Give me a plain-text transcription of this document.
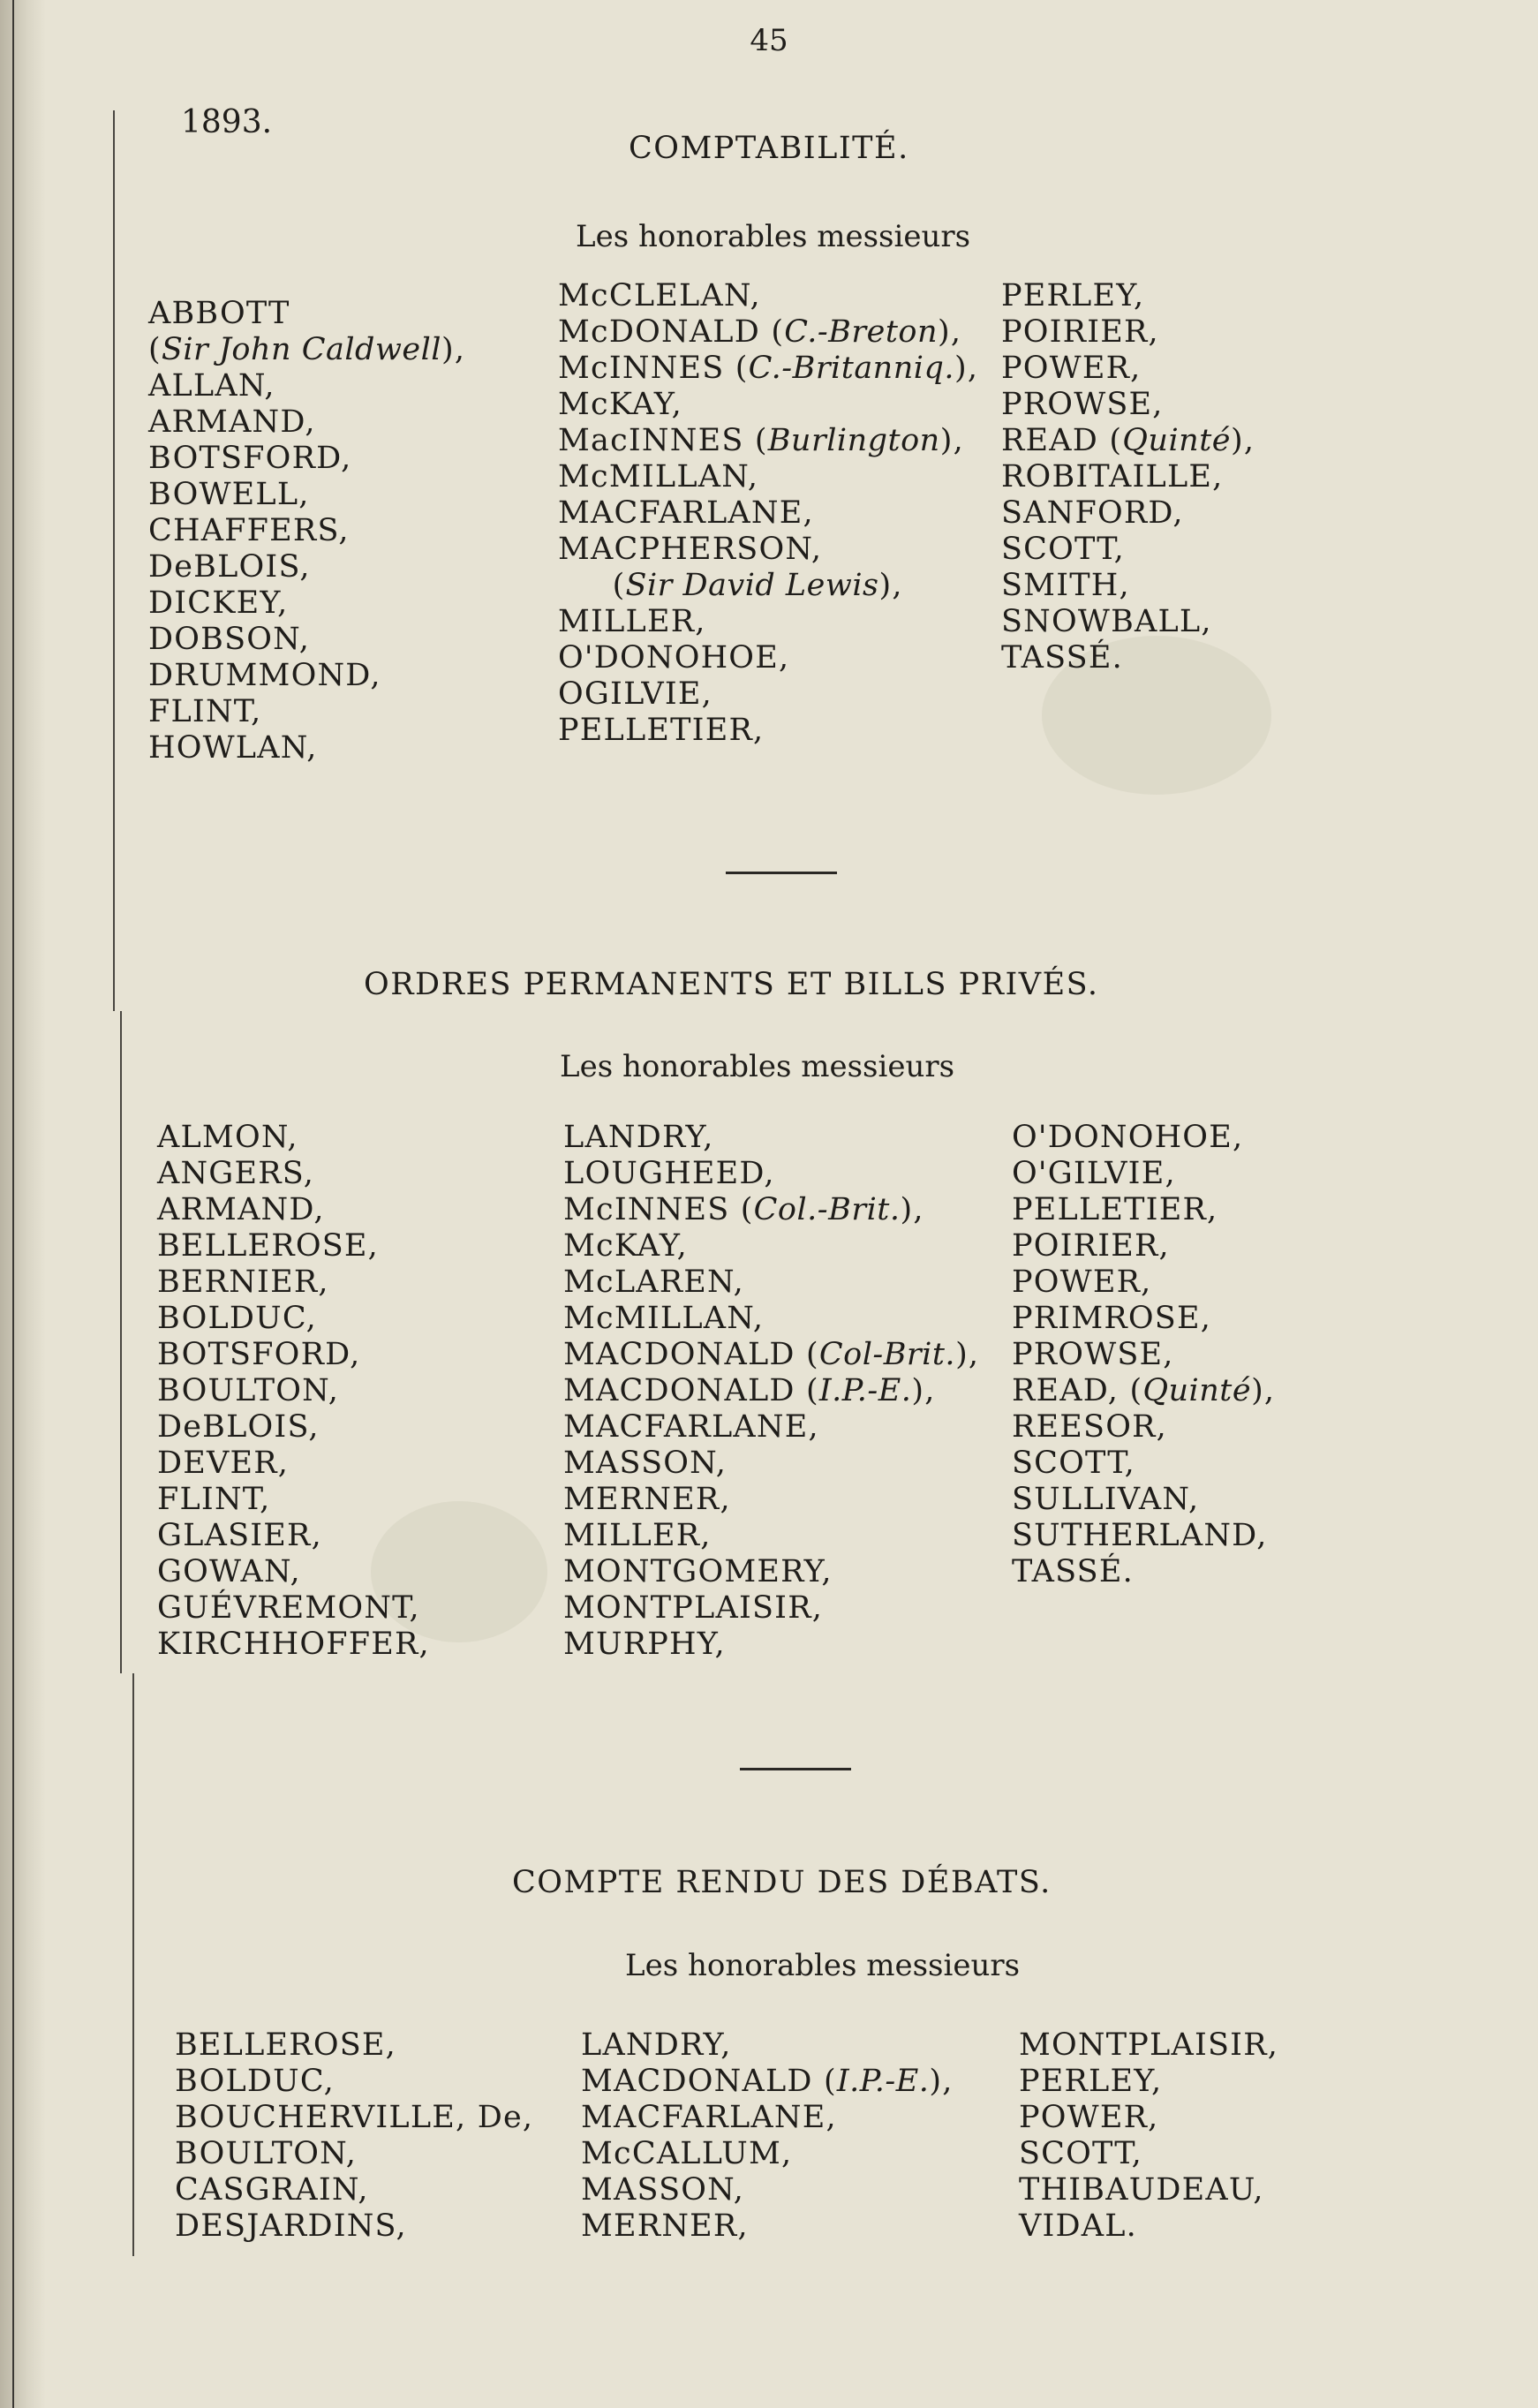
45
1893.
COMPTABILITÉ.
Les honorables messieurs
ABBOTT
(Sir John Caldwell),
ALLAN,
ARMAND,
BOTSFORD,
BOWELL,
CHAFFERS,
DeBLOIS,
DICKEY,
DOBSON,
DRUMMOND,
FLINT,
HOWLAN,
McCLELAN,
McDONALD (C.-Breton),
McINNES (C.-Britanniq.),
McKAY,
MacINNES (Burlington),
McMILLAN,
MACFARLANE,
MACPHERSON,
(Sir David Lewis),
MILLER,
O'DONOHOE,
OGILVIE,
PELLETIER,
PERLEY,
POIRIER,
POWER,
PROWSE,
READ (Quinté),
ROBITAILLE,
SANFORD,
SCOTT,
SMITH,
SNOWBALL,
TASSÉ.
ORDRES PERMANENTS ET BILLS PRIVÉS.
Les honorables messieurs
ALMON,
ANGERS,
ARMAND,
BELLEROSE,
BERNIER,
BOLDUC,
BOTSFORD,
BOULTON,
DeBLOIS,
DEVER,
FLINT,
GLASIER,
GOWAN,
GUÉVREMONT,
KIRCHHOFFER,
LANDRY,
LOUGHEED,
McINNES (Col.-Brit.),
McKAY,
McLAREN,
McMILLAN,
MACDONALD (Col-Brit.),
MACDONALD (I.P.-E.),
MACFARLANE,
MASSON,
MERNER,
MILLER,
MONTGOMERY,
MONTPLAISIR,
MURPHY,
O'DONOHOE,
O'GILVIE,
PELLETIER,
POIRIER,
POWER,
PRIMROSE,
PROWSE,
READ, (Quinté),
REESOR,
SCOTT,
SULLIVAN,
SUTHERLAND,
TASSÉ.
COMPTE RENDU DES DÉBATS.
Les honorables messieurs
BELLEROSE,
BOLDUC,
BOUCHERVILLE, De,
BOULTON,
CASGRAIN,
DESJARDINS,
LANDRY,
MACDONALD (I.P.-E.),
MACFARLANE,
McCALLUM,
MASSON,
MERNER,
MONTPLAISIR,
PERLEY,
POWER,
SCOTT,
THIBAUDEAU,
VIDAL.
